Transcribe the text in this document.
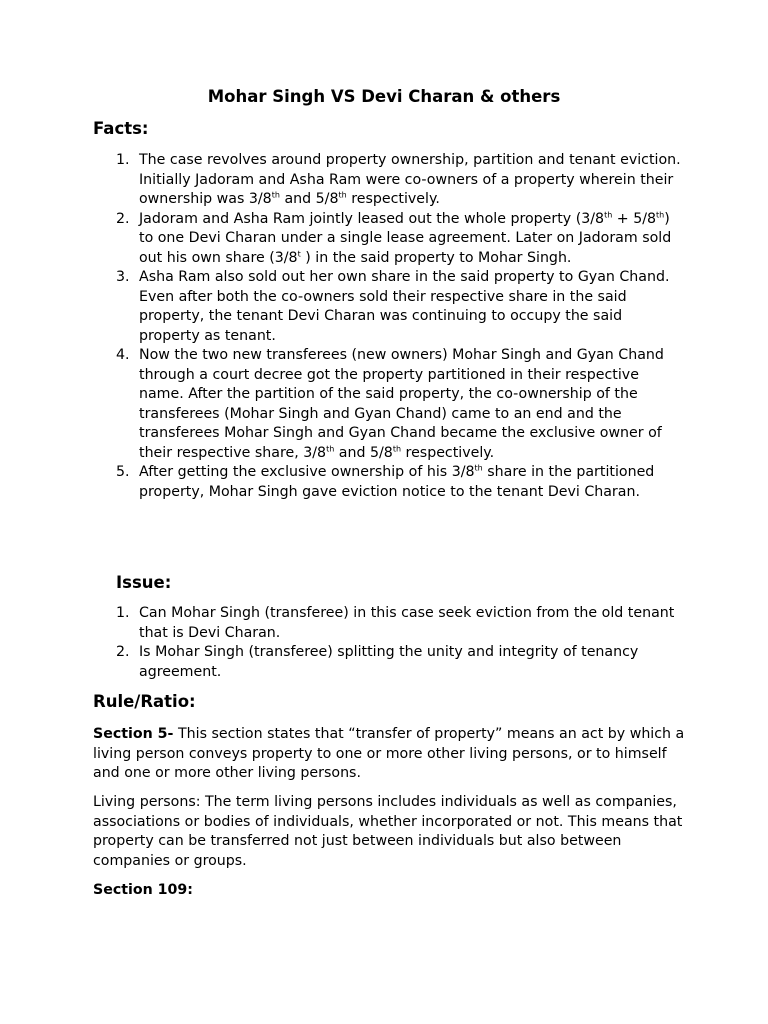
Mohar Singh VS Devi Charan & others
Facts:
1. The case revolves around property ownership, partition and tenant eviction. Initially Jadoram and Asha Ram were co-owners of a property wherein their ownership was 3/8th and 5/8th respectively.
2. Jadoram and Asha Ram jointly leased out the whole property (3/8th + 5/8th) to one Devi Charan under a single lease agreement. Later on Jadoram sold out his own share (3/8$^t$ ) in the said property to Mohar Singh.
3. Asha Ram also sold out her own share in the said property to Gyan Chand. Even after both the co-owners sold their respective share in the said property, the tenant Devi Charan was continuing to occupy the said property as tenant.
4. Now the two new transferees (new owners) Mohar Singh and Gyan Chand through a court decree got the property partitioned in their respective name. After the partition of the said property, the co-ownership of the transferees (Mohar Singh and Gyan Chand) came to an end and the transferees Mohar Singh and Gyan Chand became the exclusive owner of their respective share, 3/8th and 5/8th respectively.
5. After getting the exclusive ownership of his 3/8th share in the partitioned property, Mohar Singh gave eviction notice to the tenant Devi Charan.
Issue:
1. Can Mohar Singh (transferee) in this case seek eviction from the old tenant that is Devi Charan.
2. Is Mohar Singh (transferee) splitting the unity and integrity of tenancy agreement.
Rule/Ratio:

Section 5- This section states that “transfer of property” means an act by which a living person conveys property to one or more other living persons, or to himself and one or more other living persons.

Living persons: The term living persons includes individuals as well as companies, associations or bodies of individuals, whether incorporated or not. This means that property can be transferred not just between individuals but also between companies or groups.

Section 109:
